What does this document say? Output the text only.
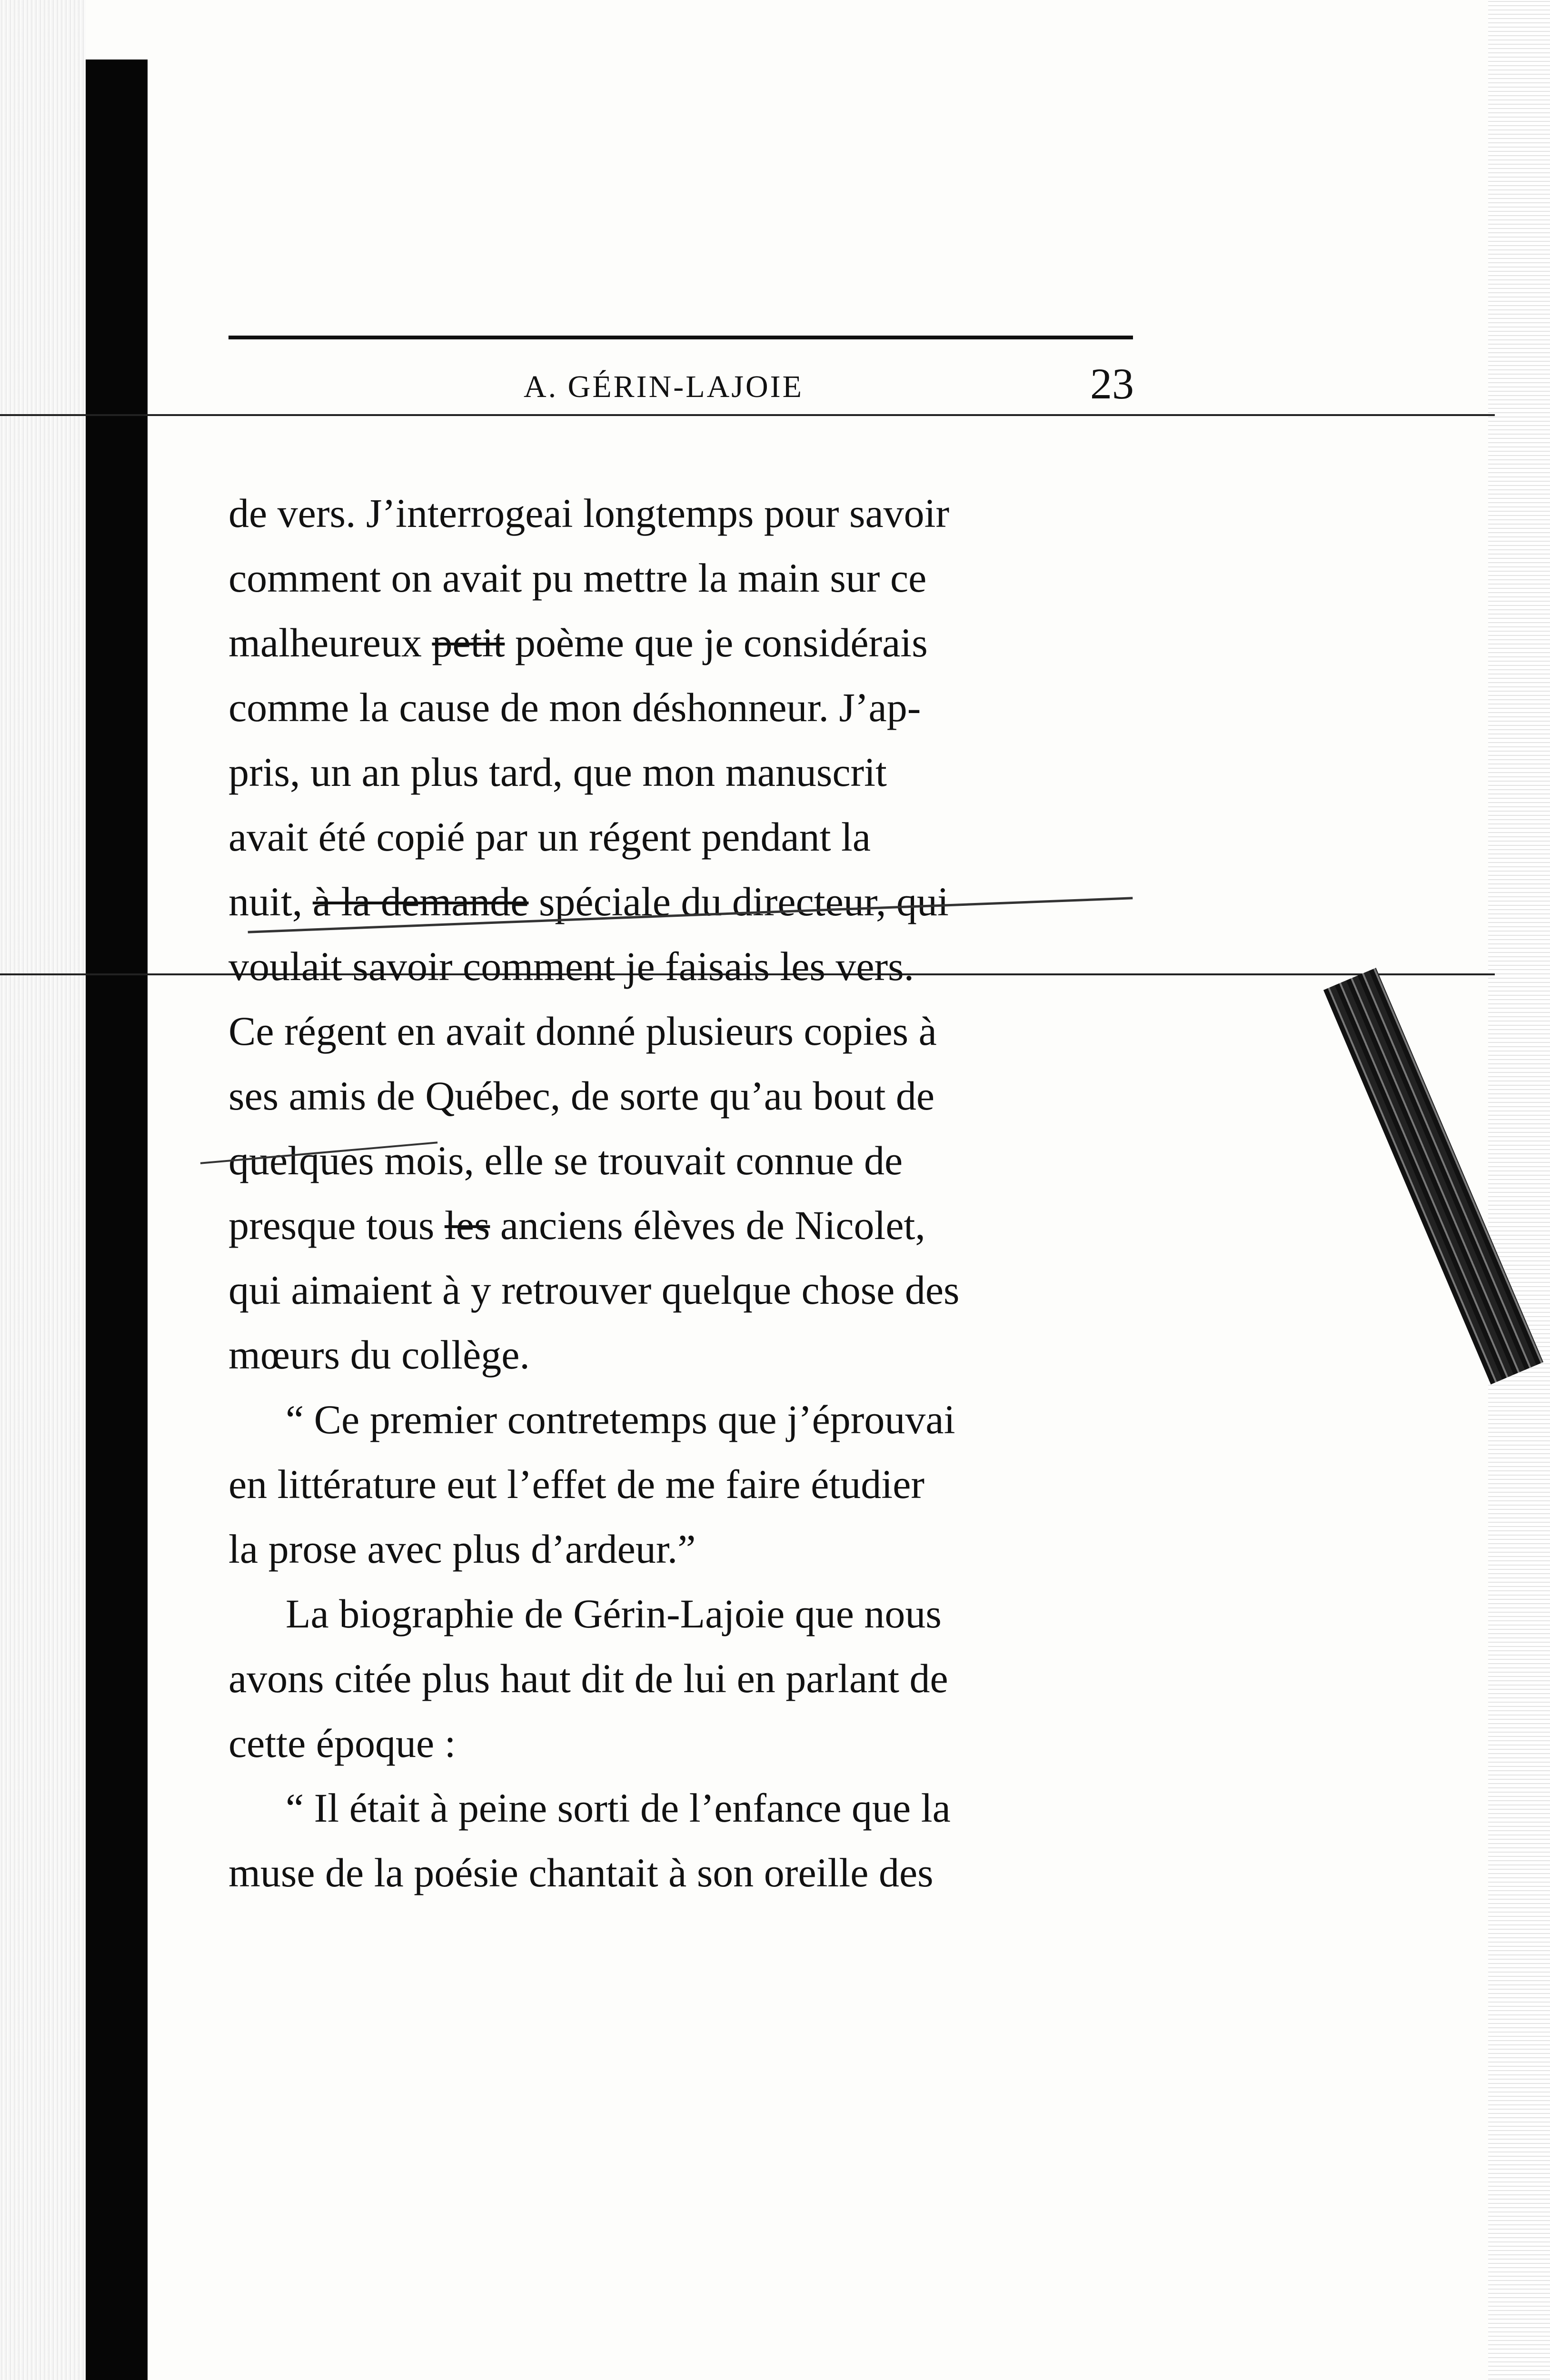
A. GÉRIN-LAJOIE	23
de vers. J’interrogeai longtemps pour savoir
comment on avait pu mettre la main sur ce
malheureux petit poème que je considérais
comme la cause de mon déshonneur. J’ap-
pris, un an plus tard, que mon manuscrit
avait été copié par un régent pendant la
nuit, à la demande spéciale du directeur, qui
voulait savoir comment je faisais les vers.
Ce régent en avait donné plusieurs copies à
ses amis de Québec, de sorte qu’au bout de
quelques mois, elle se trouvait connue de
presque tous les anciens élèves de Nicolet,
qui aimaient à y retrouver quelque chose des
mœurs du collège.
“ Ce premier contretemps que j’éprouvai
en littérature eut l’effet de me faire étudier
la prose avec plus d’ardeur.”
La biographie de Gérin-Lajoie que nous
avons citée plus haut dit de lui en parlant de
cette époque :
“ Il était à peine sorti de l’enfance que la
muse de la poésie chantait à son oreille des
